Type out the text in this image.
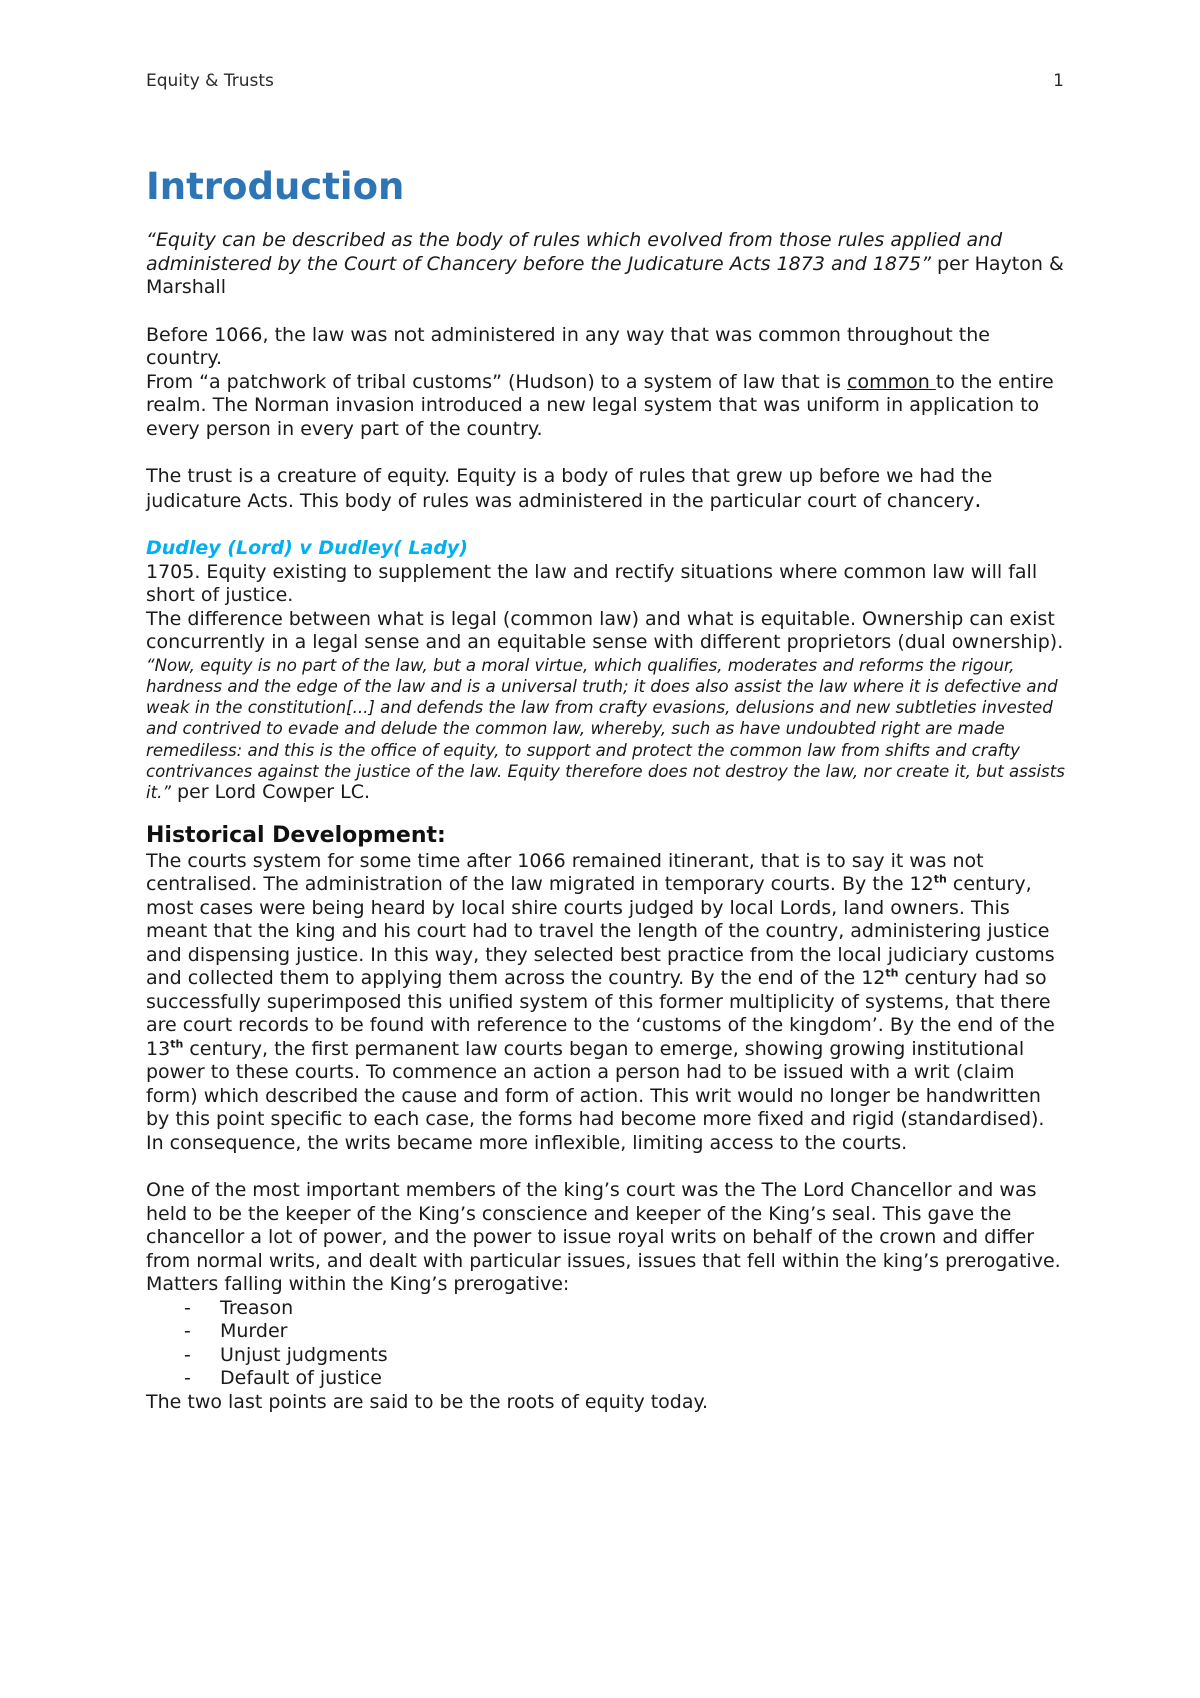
Equity & Trusts	1
Introduction

“Equity can be described as the body of rules which evolved from those rules applied and administered by the Court of Chancery before the Judicature Acts 1873 and 1875” per Hayton & Marshall

Before 1066, the law was not administered in any way that was common throughout the country.

From “a patchwork of tribal customs” (Hudson) to a system of law that is common to the entire realm. The Norman invasion introduced a new legal system that was uniform in application to every person in every part of the country.

The trust is a creature of equity. Equity is a body of rules that grew up before we had the judicature Acts. This body of rules was administered in the particular court of chancery.

Dudley (Lord) v Dudley( Lady)

1705. Equity existing to supplement the law and rectify situations where common law will fall short of justice.

The difference between what is legal (common law) and what is equitable. Ownership can exist concurrently in a legal sense and an equitable sense with different proprietors (dual ownership).

“Now, equity is no part of the law, but a moral virtue, which qualifies, moderates and reforms the rigour, hardness and the edge of the law and is a universal truth; it does also assist the law where it is defective and weak in the constitution[...] and defends the law from crafty evasions, delusions and new subtleties invested and contrived to evade and delude the common law, whereby, such as have undoubted right are made remediless: and this is the office of equity, to support and protect the common law from shifts and crafty contrivances against the justice of the law. Equity therefore does not destroy the law, nor create it, but assists it.” per Lord Cowper LC.

Historical Development:

The courts system for some time after 1066 remained itinerant, that is to say it was not centralised. The administration of the law migrated in temporary courts. By the 12th century, most cases were being heard by local shire courts judged by local Lords, land owners. This meant that the king and his court had to travel the length of the country, administering justice and dispensing justice. In this way, they selected best practice from the local judiciary customs and collected them to applying them across the country. By the end of the 12th century had so successfully superimposed this unified system of this former multiplicity of systems, that there are court records to be found with reference to the ‘customs of the kingdom’. By the end of the 13th century, the first permanent law courts began to emerge, showing growing institutional power to these courts. To commence an action a person had to be issued with a writ (claim form) which described the cause and form of action. This writ would no longer be handwritten by this point specific to each case, the forms had become more fixed and rigid (standardised). In consequence, the writs became more inflexible, limiting access to the courts.

One of the most important members of the king’s court was the The Lord Chancellor and was held to be the keeper of the King’s conscience and keeper of the King’s seal. This gave the chancellor a lot of power, and the power to issue royal writs on behalf of the crown and differ from normal writs, and dealt with particular issues, issues that fell within the king’s prerogative.

Matters falling within the King’s prerogative:

- Treason
- Murder
- Unjust judgments
- Default of justice

The two last points are said to be the roots of equity today.
